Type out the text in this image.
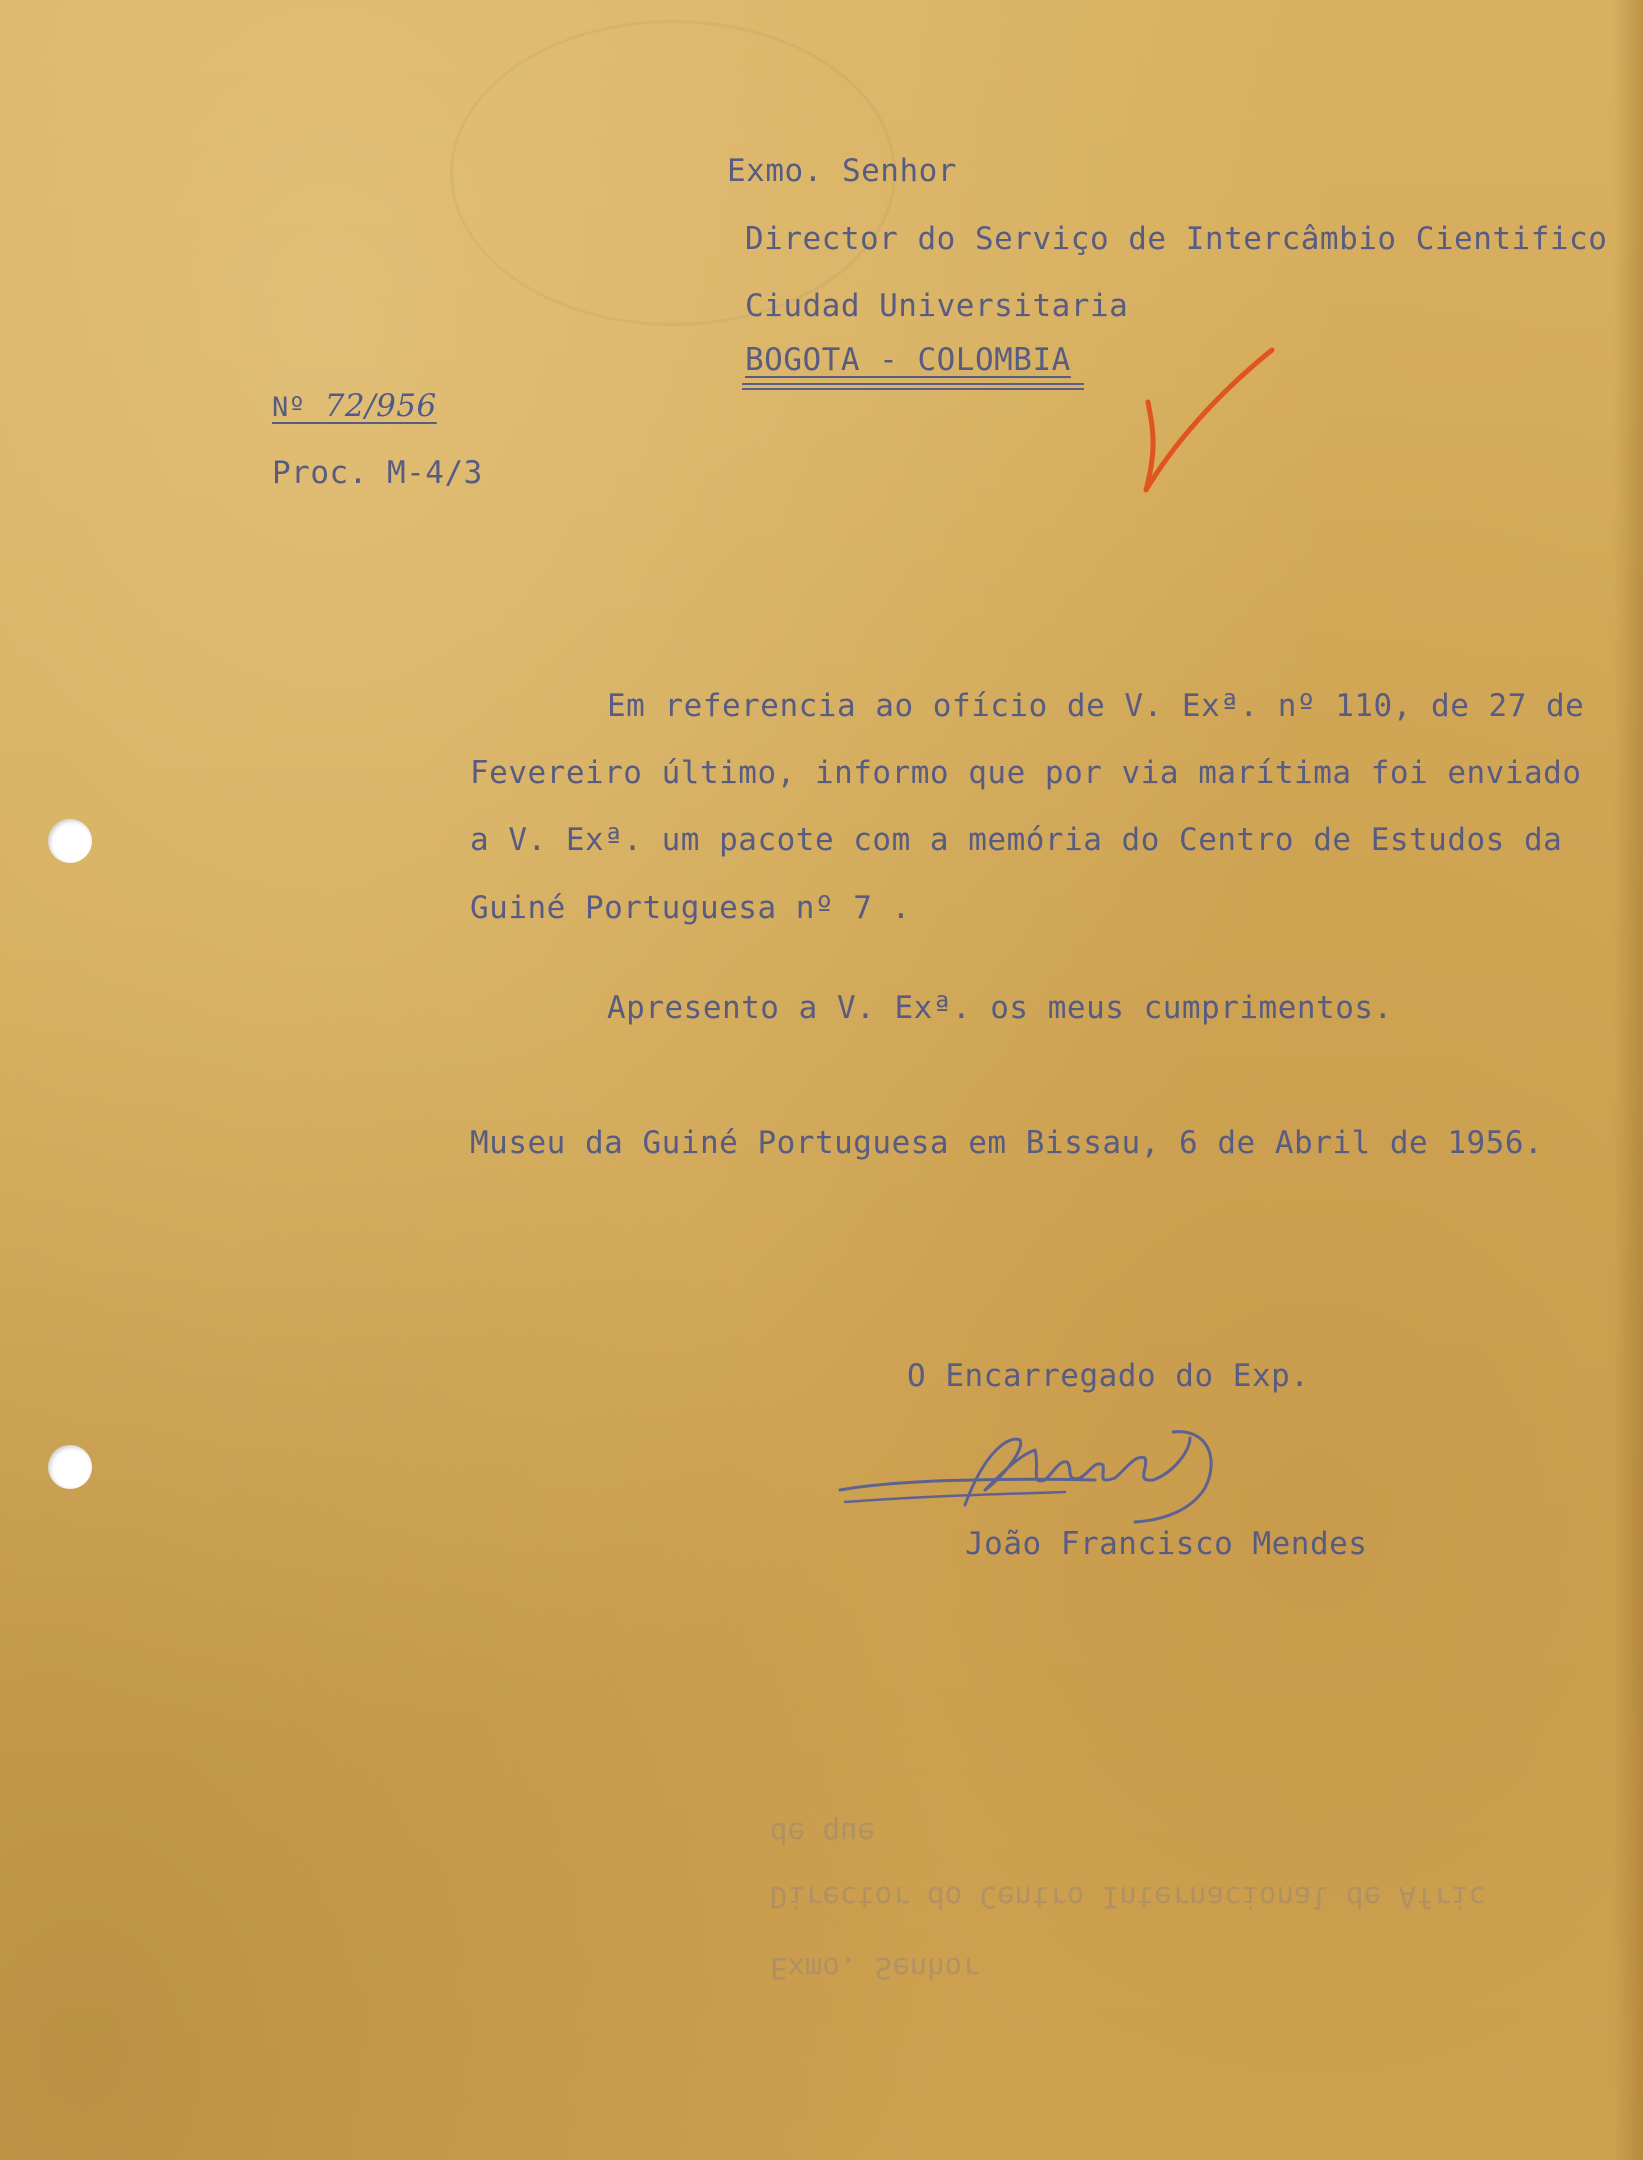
Exmo. Senhor
Director do Serviço de Intercâmbio Cientifico
Ciudad Universitaria
BOGOTA - COLOMBIA
Nº 72/956
Proc. M-4/3
Em referencia ao ofício de V. Exª. nº 110, de 27 de
Fevereiro último, informo que por via marítima foi enviado
a V. Exª. um pacote com a memória do Centro de Estudos da
Guiné Portuguesa nº 7 .
Apresento a V. Exª. os meus cumprimentos.
Museu da Guiné Portuguesa em Bissau, 6 de Abril de 1956.
O Encarregado do Exp.
João Francisco Mendes
de que
Director do Centro Internacional de Afric
Exmo. Senhor
